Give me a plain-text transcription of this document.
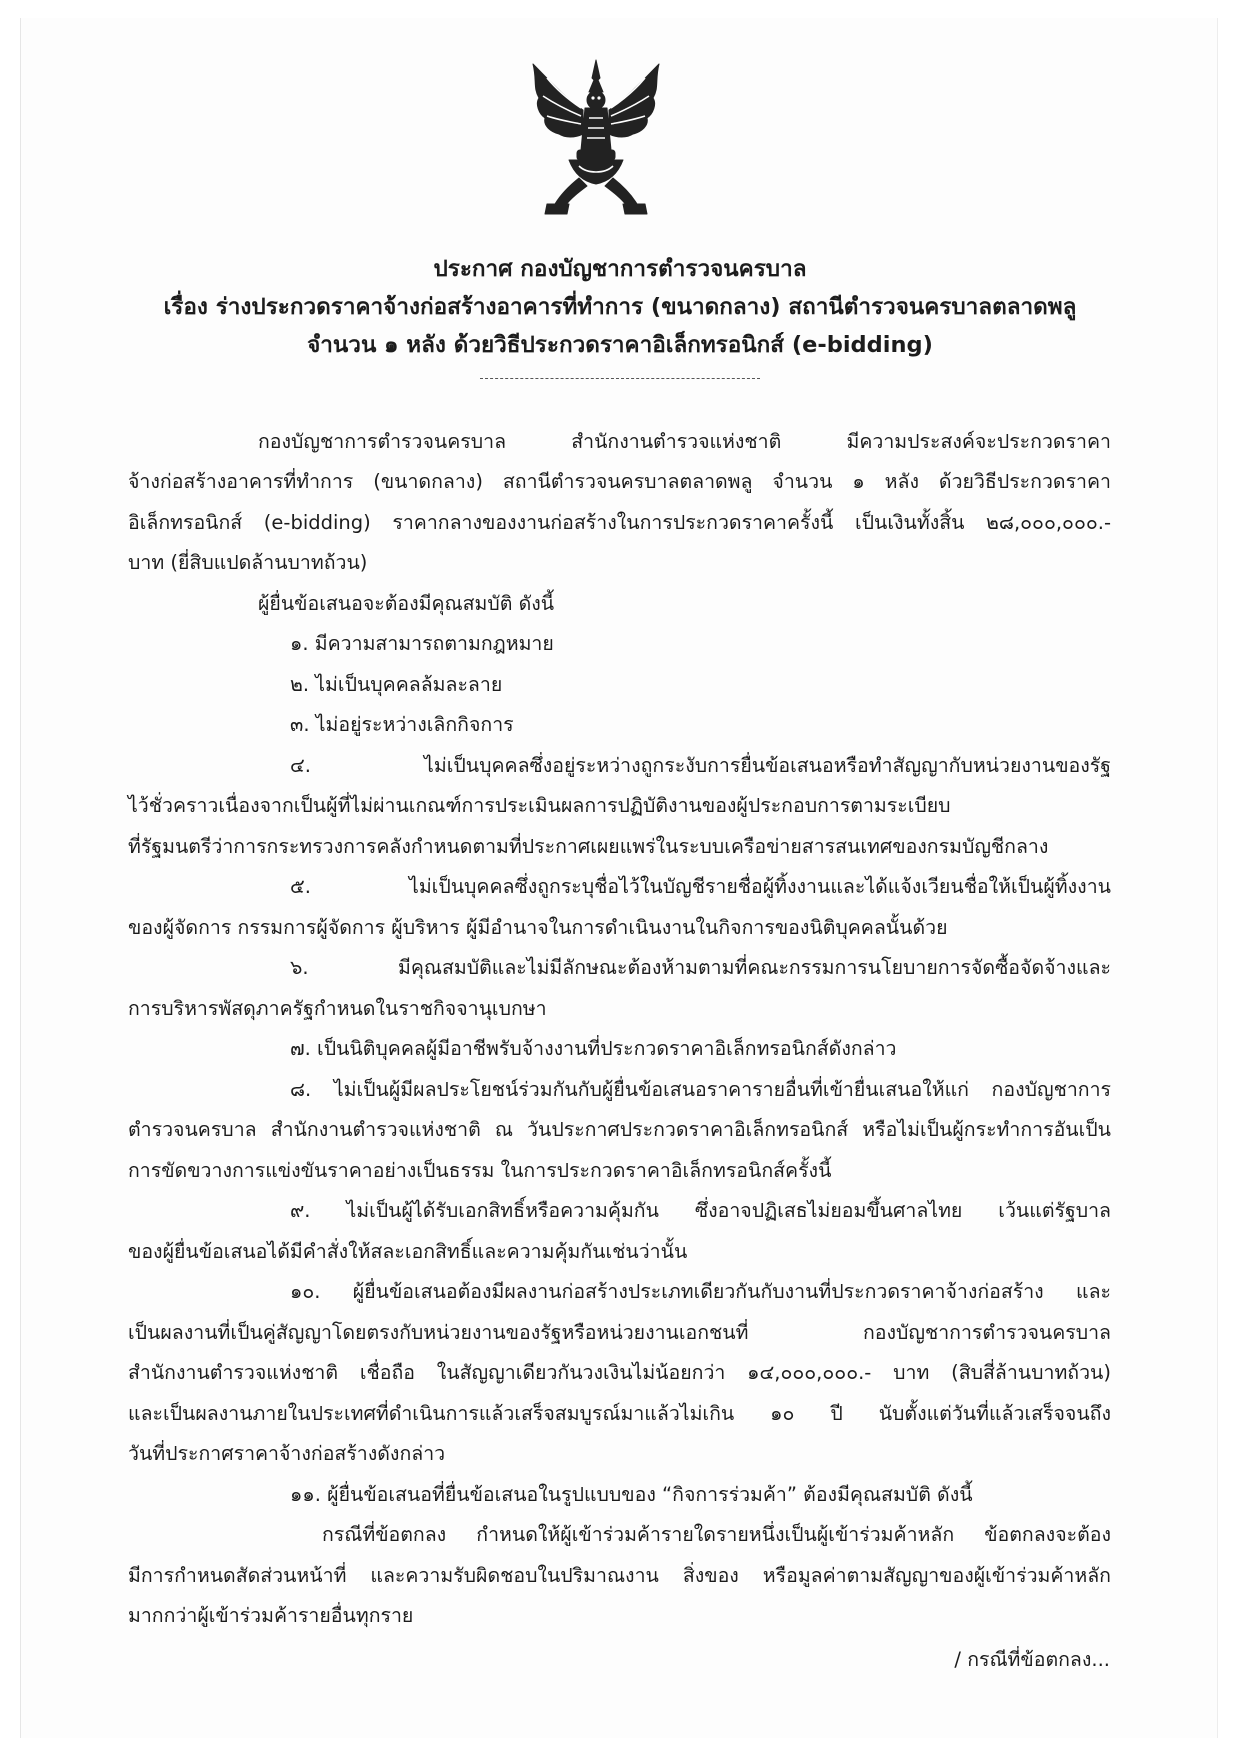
ประกาศ กองบัญชาการตำรวจนครบาล
เรื่อง ร่างประกวดราคาจ้างก่อสร้างอาคารที่ทำการ (ขนาดกลาง) สถานีตำรวจนครบาลตลาดพลู
จำนวน ๑ หลัง ด้วยวิธีประกวดราคาอิเล็กทรอนิกส์ (e-bidding)
กองบัญชาการตำรวจนครบาล สำนักงานตำรวจแห่งชาติ มีความประสงค์จะประกวดราคา
จ้างก่อสร้างอาคารที่ทำการ (ขนาดกลาง) สถานีตำรวจนครบาลตลาดพลู จำนวน ๑ หลัง ด้วยวิธีประกวดราคา
อิเล็กทรอนิกส์ (e-bidding) ราคากลางของงานก่อสร้างในการประกวดราคาครั้งนี้ เป็นเงินทั้งสิ้น ๒๘,๐๐๐,๐๐๐.-
บาท (ยี่สิบแปดล้านบาทถ้วน)
ผู้ยื่นข้อเสนอจะต้องมีคุณสมบัติ ดังนี้
๑. มีความสามารถตามกฎหมาย
๒. ไม่เป็นบุคคลล้มละลาย
๓. ไม่อยู่ระหว่างเลิกกิจการ
๔. ไม่เป็นบุคคลซึ่งอยู่ระหว่างถูกระงับการยื่นข้อเสนอหรือทำสัญญากับหน่วยงานของรัฐ
ไว้ชั่วคราวเนื่องจากเป็นผู้ที่ไม่ผ่านเกณฑ์การประเมินผลการปฏิบัติงานของผู้ประกอบการตามระเบียบ
ที่รัฐมนตรีว่าการกระทรวงการคลังกำหนดตามที่ประกาศเผยแพร่ในระบบเครือข่ายสารสนเทศของกรมบัญชีกลาง
๕. ไม่เป็นบุคคลซึ่งถูกระบุชื่อไว้ในบัญชีรายชื่อผู้ทิ้งงานและได้แจ้งเวียนชื่อให้เป็นผู้ทิ้งงาน
ของผู้จัดการ กรรมการผู้จัดการ ผู้บริหาร ผู้มีอำนาจในการดำเนินงานในกิจการของนิติบุคคลนั้นด้วย
๖. มีคุณสมบัติและไม่มีลักษณะต้องห้ามตามที่คณะกรรมการนโยบายการจัดซื้อจัดจ้างและ
การบริหารพัสดุภาครัฐกำหนดในราชกิจจานุเบกษา
๗. เป็นนิติบุคคลผู้มีอาชีพรับจ้างงานที่ประกวดราคาอิเล็กทรอนิกส์ดังกล่าว
๘. ไม่เป็นผู้มีผลประโยชน์ร่วมกันกับผู้ยื่นข้อเสนอราคารายอื่นที่เข้ายื่นเสนอให้แก่ กองบัญชาการ
ตำรวจนครบาล สำนักงานตำรวจแห่งชาติ ณ วันประกาศประกวดราคาอิเล็กทรอนิกส์ หรือไม่เป็นผู้กระทำการอันเป็น
การขัดขวางการแข่งขันราคาอย่างเป็นธรรม ในการประกวดราคาอิเล็กทรอนิกส์ครั้งนี้
๙. ไม่เป็นผู้ได้รับเอกสิทธิ์หรือความคุ้มกัน ซึ่งอาจปฏิเสธไม่ยอมขึ้นศาลไทย เว้นแต่รัฐบาล
ของผู้ยื่นข้อเสนอได้มีคำสั่งให้สละเอกสิทธิ์และความคุ้มกันเช่นว่านั้น
๑๐. ผู้ยื่นข้อเสนอต้องมีผลงานก่อสร้างประเภทเดียวกันกับงานที่ประกวดราคาจ้างก่อสร้าง และ
เป็นผลงานที่เป็นคู่สัญญาโดยตรงกับหน่วยงานของรัฐหรือหน่วยงานเอกชนที่ กองบัญชาการตำรวจนครบาล
สำนักงานตำรวจแห่งชาติ เชื่อถือ ในสัญญาเดียวกันวงเงินไม่น้อยกว่า ๑๔,๐๐๐,๐๐๐.- บาท (สิบสี่ล้านบาทถ้วน)
และเป็นผลงานภายในประเทศที่ดำเนินการแล้วเสร็จสมบูรณ์มาแล้วไม่เกิน ๑๐ ปี นับตั้งแต่วันที่แล้วเสร็จจนถึง
วันที่ประกาศราคาจ้างก่อสร้างดังกล่าว
๑๑. ผู้ยื่นข้อเสนอที่ยื่นข้อเสนอในรูปแบบของ “กิจการร่วมค้า” ต้องมีคุณสมบัติ ดังนี้
กรณีที่ข้อตกลง กำหนดให้ผู้เข้าร่วมค้ารายใดรายหนึ่งเป็นผู้เข้าร่วมค้าหลัก ข้อตกลงจะต้อง
มีการกำหนดสัดส่วนหน้าที่ และความรับผิดชอบในปริมาณงาน สิ่งของ หรือมูลค่าตามสัญญาของผู้เข้าร่วมค้าหลัก
มากกว่าผู้เข้าร่วมค้ารายอื่นทุกราย
/ กรณีที่ข้อตกลง...
